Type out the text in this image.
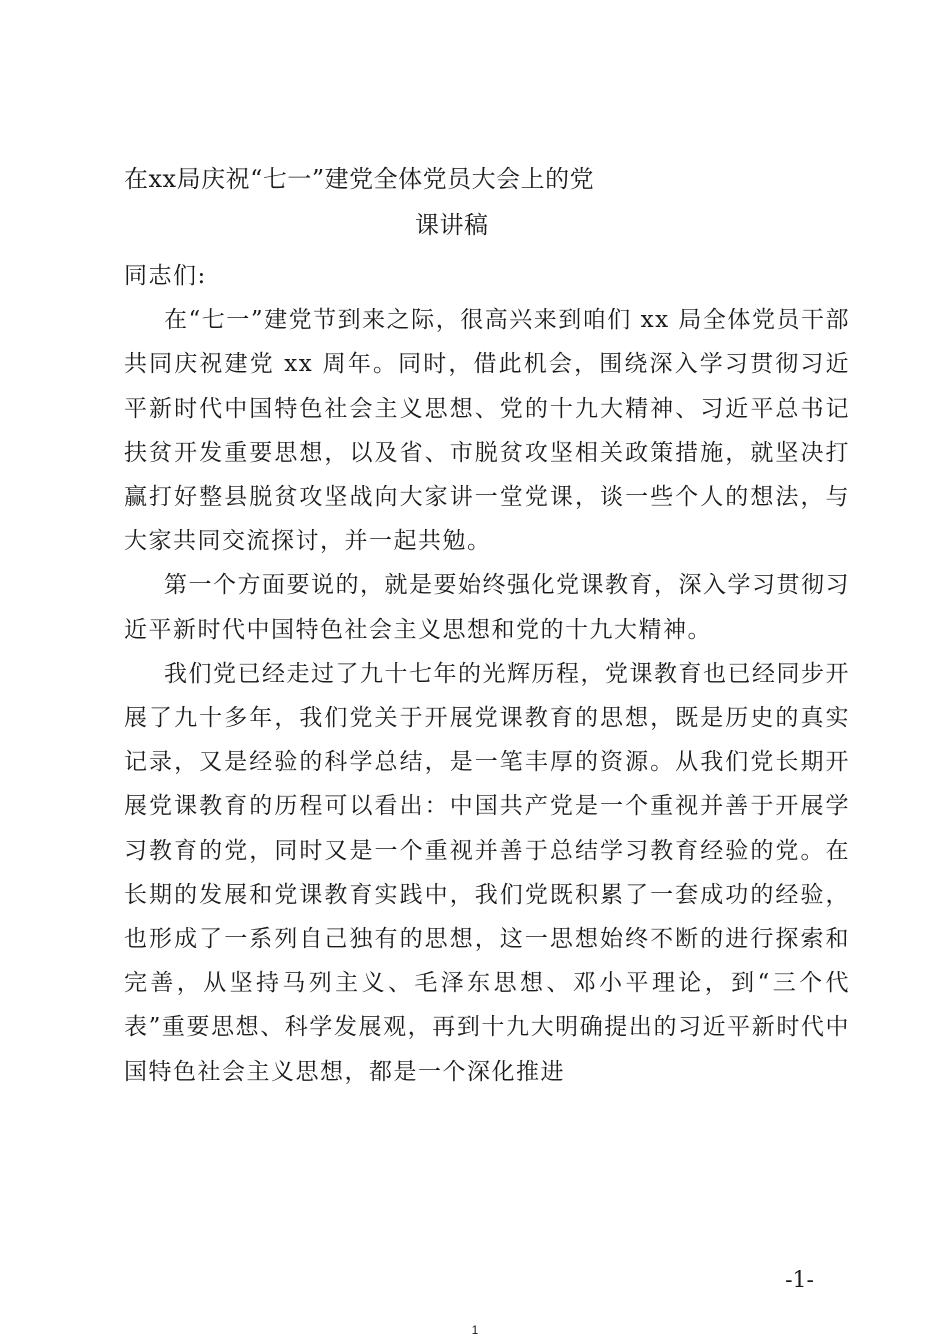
在xx局庆祝“七一”建党全体党员大会上的党
课讲稿

同志们:

在“七一”建党节到来之际，很高兴来到咱们 xx 局全体党员干部共同庆祝建党 xx 周年。同时，借此机会，围绕深入学习贯彻习近平新时代中国特色社会主义思想、党的十九大精神、习近平总书记扶贫开发重要思想，以及省、市脱贫攻坚相关政策措施，就坚决打赢打好整县脱贫攻坚战向大家讲一堂党课，谈一些个人的想法，与大家共同交流探讨，并一起共勉。

第一个方面要说的，就是要始终强化党课教育，深入学习贯彻习近平新时代中国特色社会主义思想和党的十九大精神。

我们党已经走过了九十七年的光辉历程，党课教育也已经同步开展了九十多年，我们党关于开展党课教育的思想，既是历史的真实记录，又是经验的科学总结，是一笔丰厚的资源。从我们党长期开展党课教育的历程可以看出：中国共产党是一个重视并善于开展学习教育的党，同时又是一个重视并善于总结学习教育经验的党。在长期的发展和党课教育实践中，我们党既积累了一套成功的经验，也形成了一系列自己独有的思想，这一思想始终不断的进行探索和完善，从坚持马列主义、毛泽东思想、邓小平理论，到“三个代表”重要思想、科学发展观，再到十九大明确提出的习近平新时代中国特色社会主义思想，都是一个深化推进

-1-
1
